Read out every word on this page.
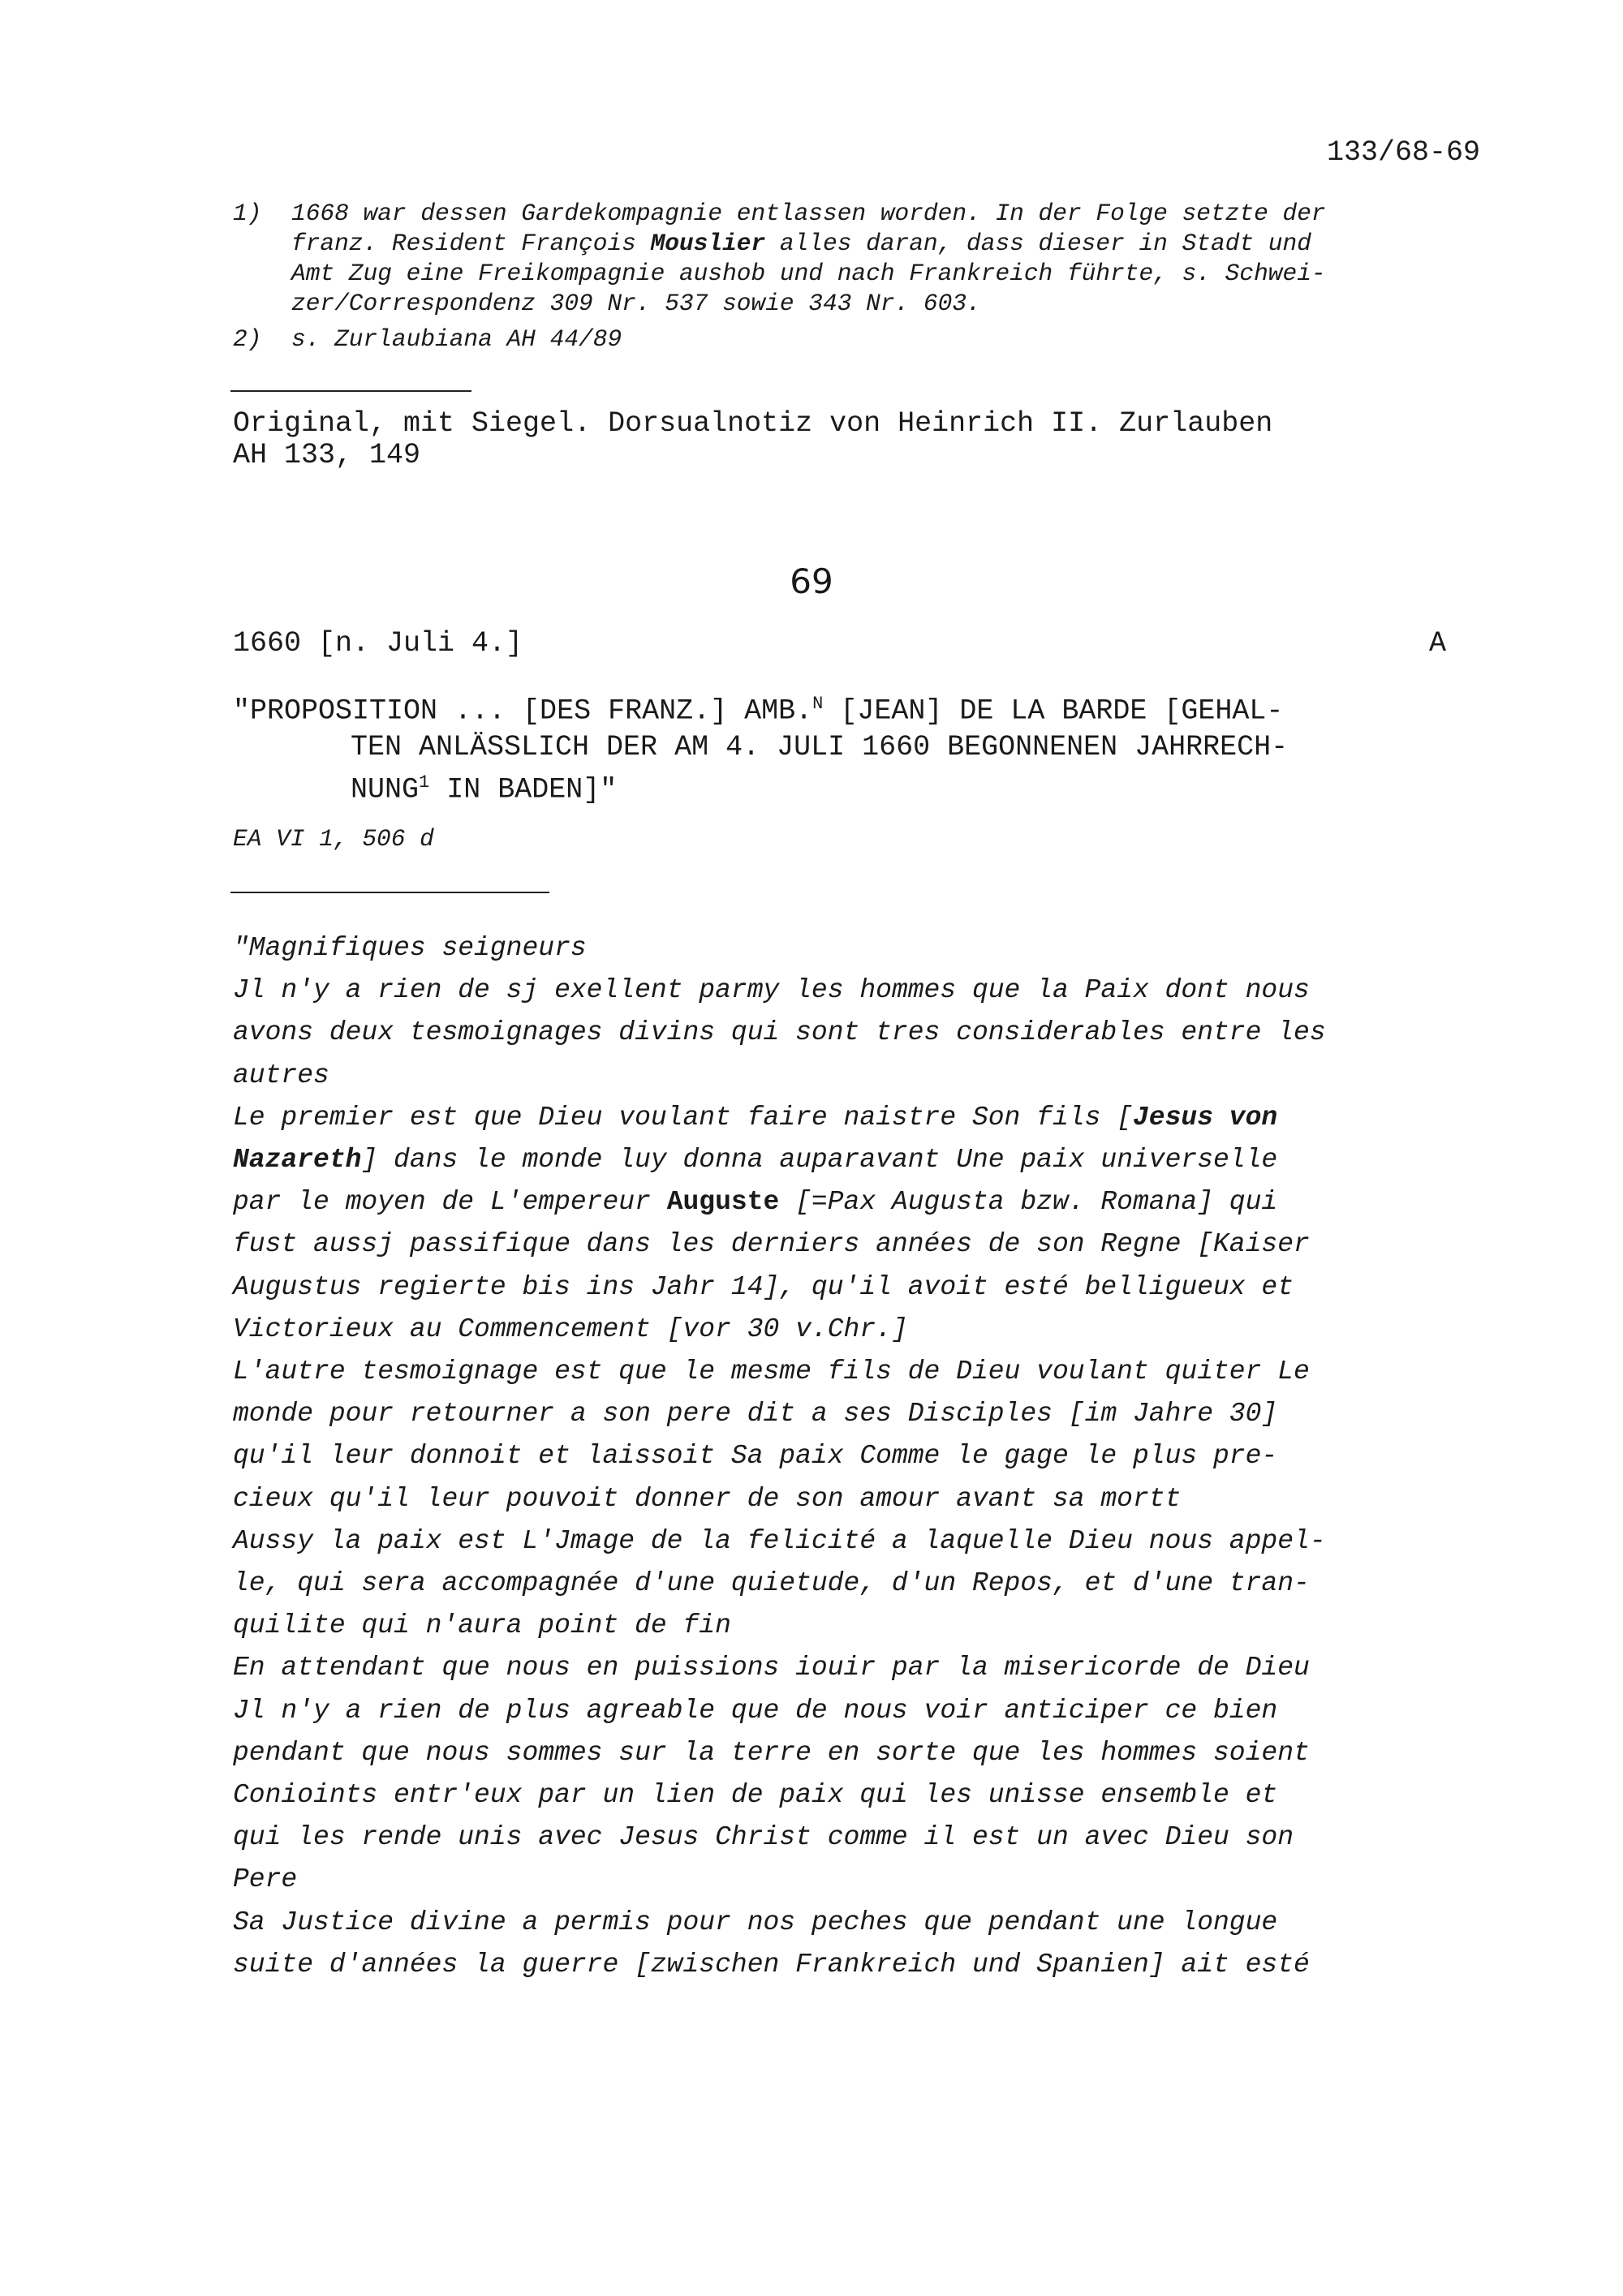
133/68-69
1) 1668 war dessen Gardekompagnie entlassen worden. In der Folge setzte der
franz. Resident François Mouslier alles daran, dass dieser in Stadt und
Amt Zug eine Freikompagnie aushob und nach Frankreich führte, s. Schwei-
zer/Correspondenz 309 Nr. 537 sowie 343 Nr. 603.
2) s. Zurlaubiana AH 44/89
Original, mit Siegel. Dorsualnotiz von Heinrich II. Zurlauben
AH 133, 149
69
1660 [n. Juli 4.]	A
"PROPOSITION ... [DES FRANZ.] AMB.$^N$ [JEAN] DE LA BARDE [GEHAL-
TEN ANLÄSSLICH DER AM 4. JULI 1660 BEGONNENEN JAHRRECH-
NUNG$^1$ IN BADEN]"
EA VI 1, 506 d
"Magnifiques seigneurs
Jl n'y a rien de sj exellent parmy les hommes que la Paix dont nous
avons deux tesmoignages divins qui sont tres considerables entre les
autres
Le premier est que Dieu voulant faire naistre Son fils [Jesus von
Nazareth] dans le monde luy donna auparavant Une paix universelle
par le moyen de L'empereur Auguste [=Pax Augusta bzw. Romana] qui
fust aussj passifique dans les derniers années de son Regne [Kaiser
Augustus regierte bis ins Jahr 14], qu'il avoit esté belligueux et
Victorieux au Commencement [vor 30 v.Chr.]
L'autre tesmoignage est que le mesme fils de Dieu voulant quiter Le
monde pour retourner a son pere dit a ses Disciples [im Jahre 30]
qu'il leur donnoit et laissoit Sa paix Comme le gage le plus pre-
cieux qu'il leur pouvoit donner de son amour avant sa mortt
Aussy la paix est L'Jmage de la felicité a laquelle Dieu nous appel-
le, qui sera accompagnée d'une quietude, d'un Repos, et d'une tran-
quilite qui n'aura point de fin
En attendant que nous en puissions iouir par la misericorde de Dieu
Jl n'y a rien de plus agreable que de nous voir anticiper ce bien
pendant que nous sommes sur la terre en sorte que les hommes soient
Conioints entr'eux par un lien de paix qui les unisse ensemble et
qui les rende unis avec Jesus Christ comme il est un avec Dieu son
Pere
Sa Justice divine a permis pour nos peches que pendant une longue
suite d'années la guerre [zwischen Frankreich und Spanien] ait esté
